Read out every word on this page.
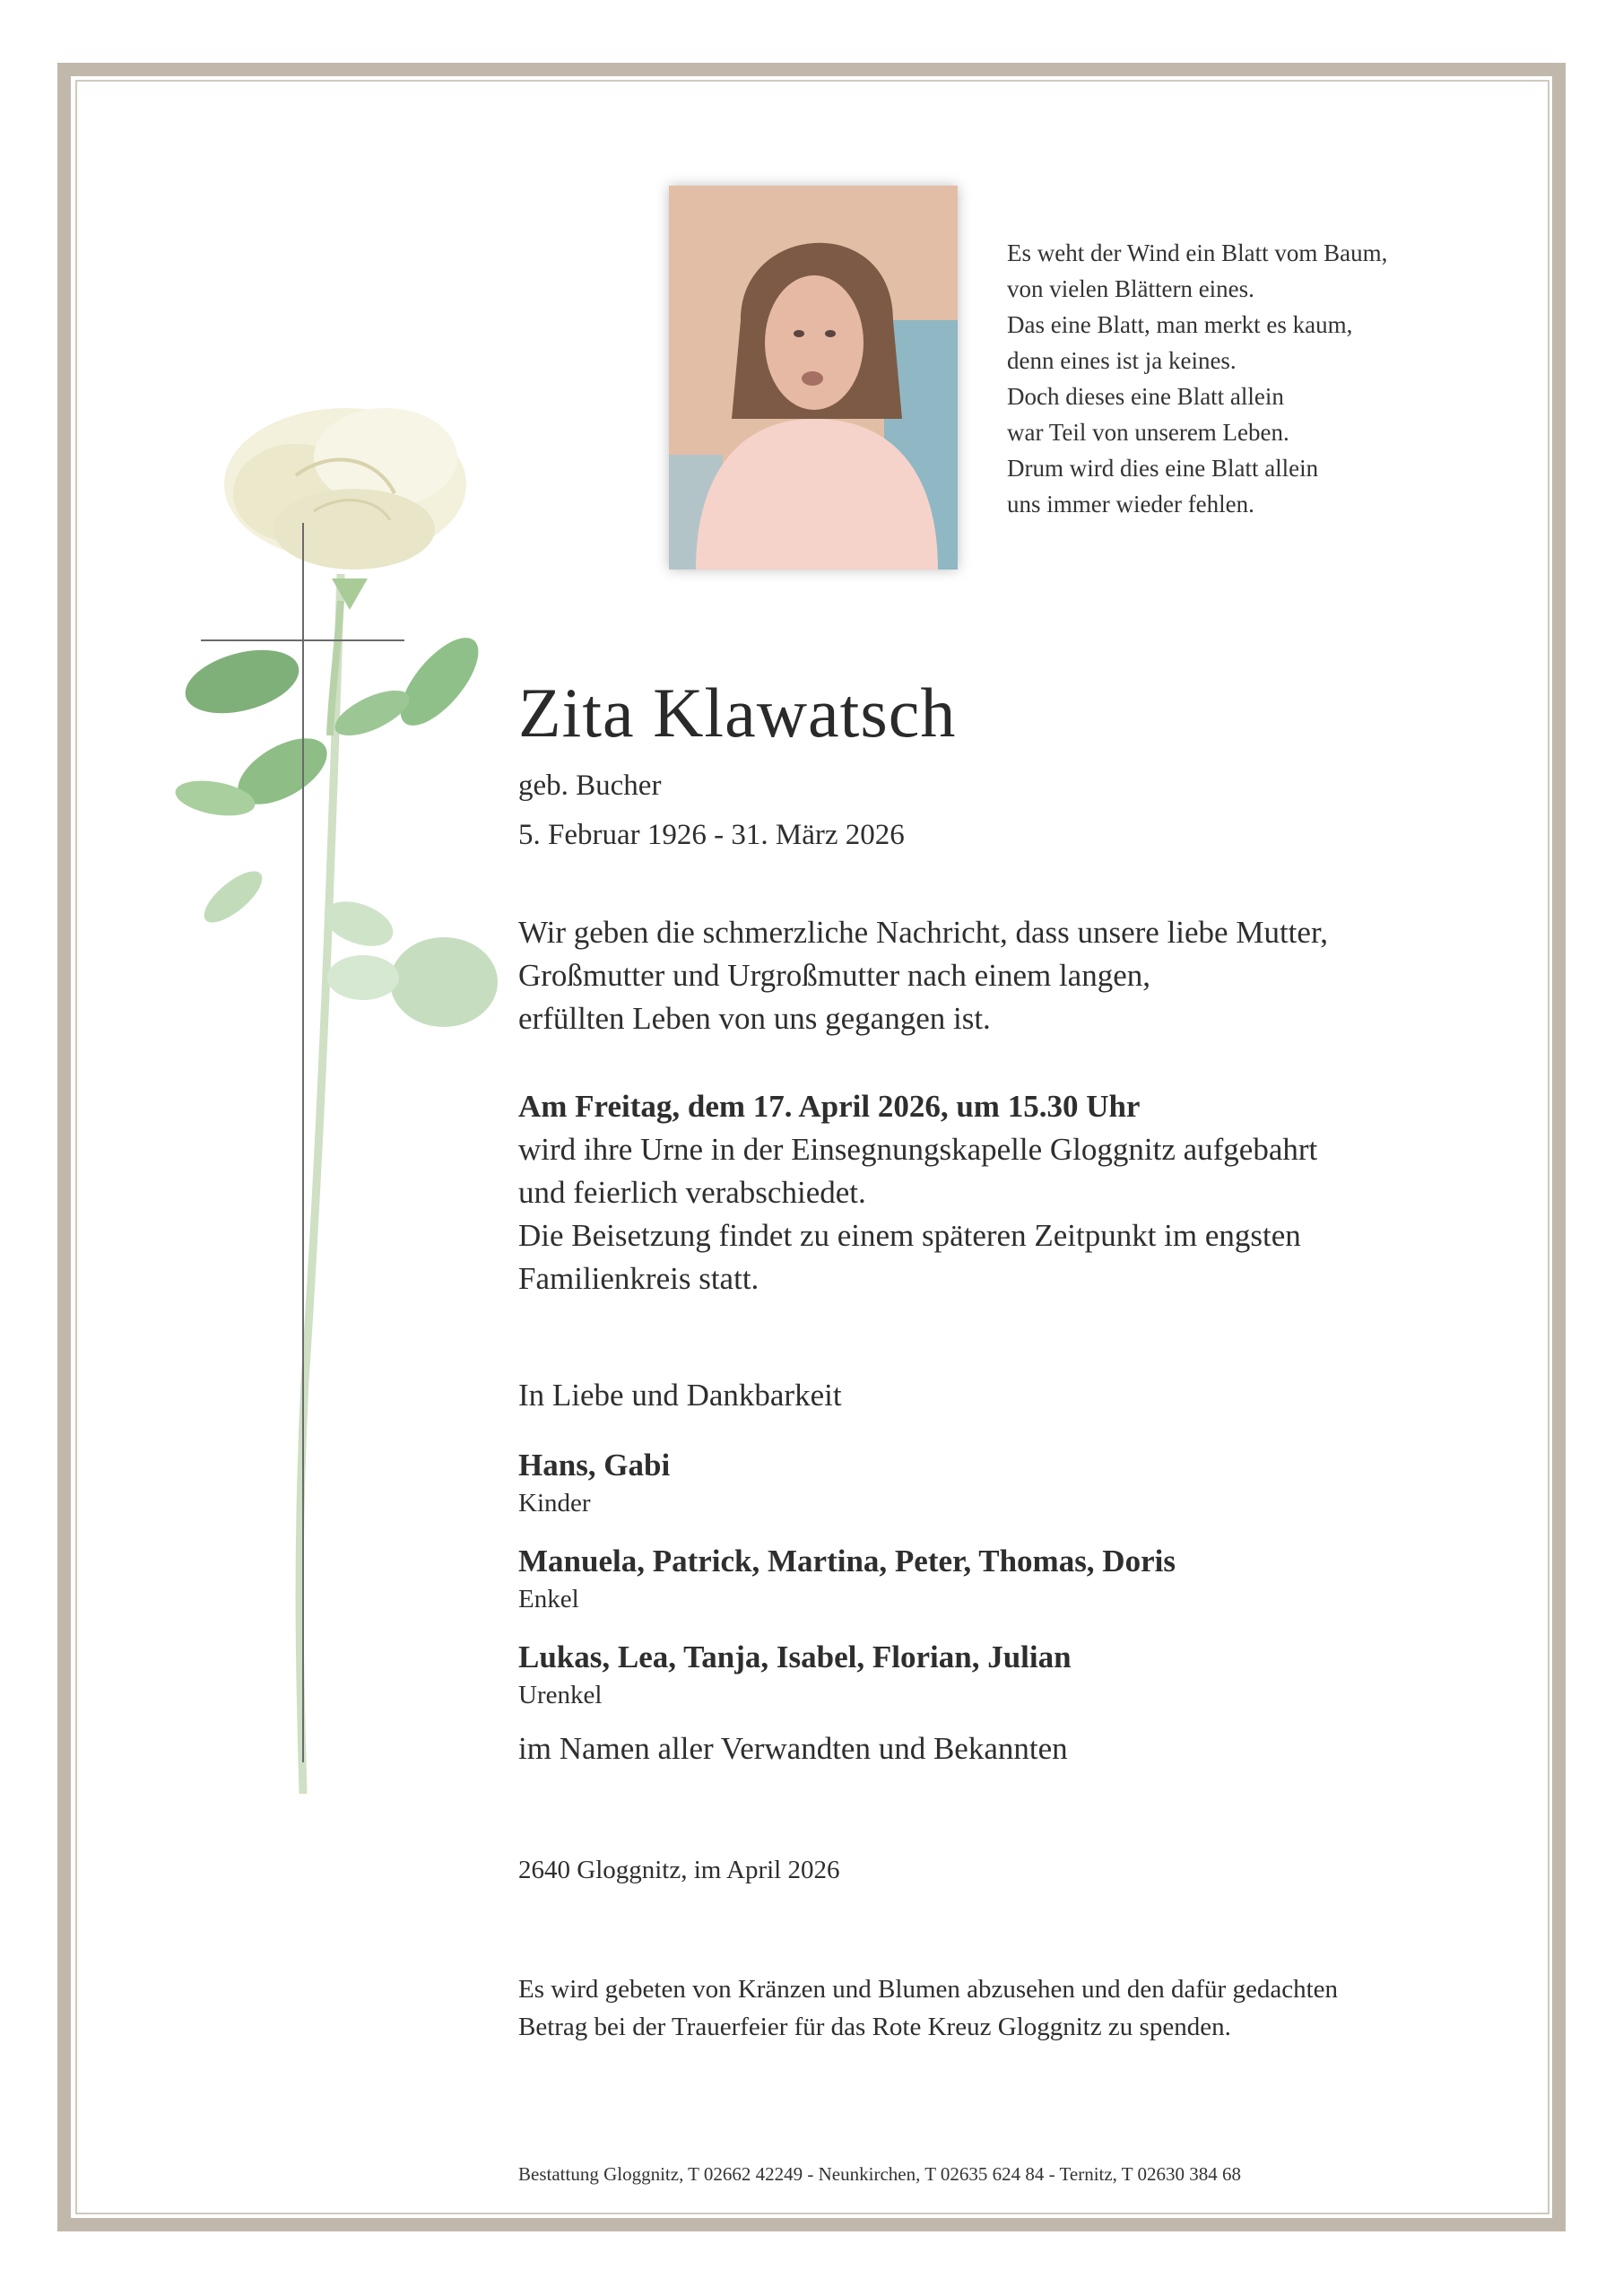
Es weht der Wind ein Blatt vom Baum,
von vielen Blättern eines.
Das eine Blatt, man merkt es kaum,
denn eines ist ja keines.
Doch dieses eine Blatt allein
war Teil von unserem Leben.
Drum wird dies eine Blatt allein
uns immer wieder fehlen.
Zita Klawatsch
geb. Bucher
5. Februar 1926 - 31. März 2026
Wir geben die schmerzliche Nachricht, dass unsere liebe Mutter,
Großmutter und Urgroßmutter nach einem langen,
erfüllten Leben von uns gegangen ist.
Am Freitag, dem 17. April 2026, um 15.30 Uhr
wird ihre Urne in der Einsegnungskapelle Gloggnitz aufgebahrt
und feierlich verabschiedet.
Die Beisetzung findet zu einem späteren Zeitpunkt im engsten
Familienkreis statt.
In Liebe und Dankbarkeit
Hans, Gabi
Kinder
Manuela, Patrick, Martina, Peter, Thomas, Doris
Enkel
Lukas, Lea, Tanja, Isabel, Florian, Julian
Urenkel
im Namen aller Verwandten und Bekannten
2640 Gloggnitz, im April 2026
Es wird gebeten von Kränzen und Blumen abzusehen und den dafür gedachten
Betrag bei der Trauerfeier für das Rote Kreuz Gloggnitz zu spenden.
Bestattung Gloggnitz, T 02662 42249 - Neunkirchen, T 02635 624 84 - Ternitz, T 02630 384 68
